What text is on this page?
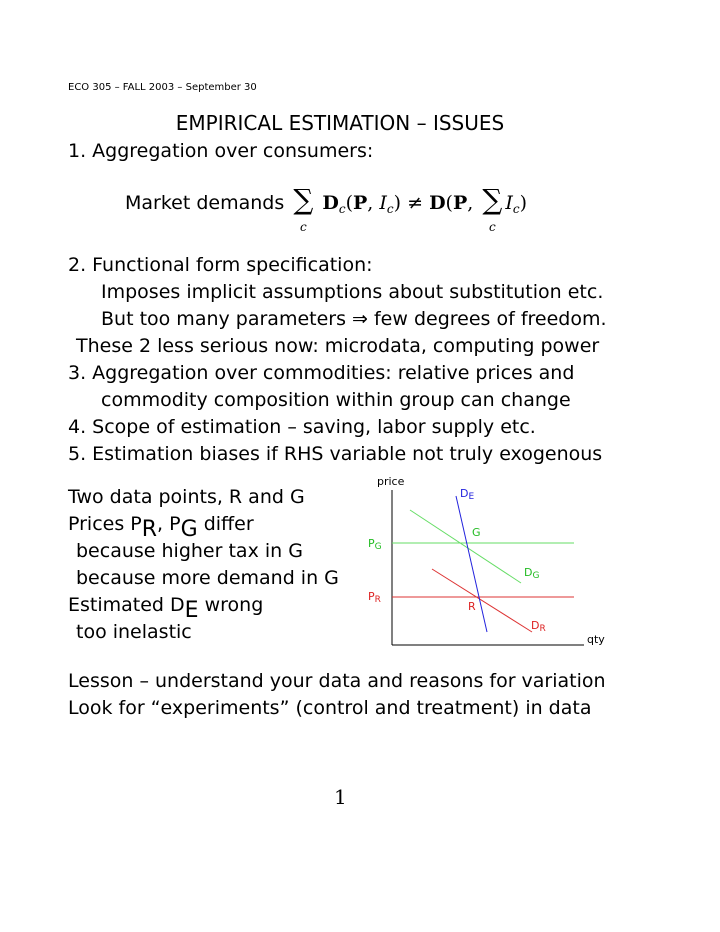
ECO 305 – FALL 2003 – September 30
EMPIRICAL ESTIMATION – ISSUES
1. Aggregation over consumers:
Market demands ∑
c
$D_c(P$, $I_c) \ne D(P$, ∑
c
$I_c$)
2. Functional form specification:
Imposes implicit assumptions about substitution etc.
But too many parameters ⇒ few degrees of freedom.
These 2 less serious now: microdata, computing power
3. Aggregation over commodities: relative prices and
commodity composition within group can change
4. Scope of estimation – saving, labor supply etc.
5. Estimation biases if RHS variable not truly exogenous
Two data points, R and G
Prices $P_R$, $P_G$ differ
because higher tax in G
because more demand in G
Estimated $D_E$ wrong
too inelastic
price
qty
DE
G
PG
DG
PR	R
DR
Lesson – understand your data and reasons for variation
Look for “experiments” (control and treatment) in data
1
